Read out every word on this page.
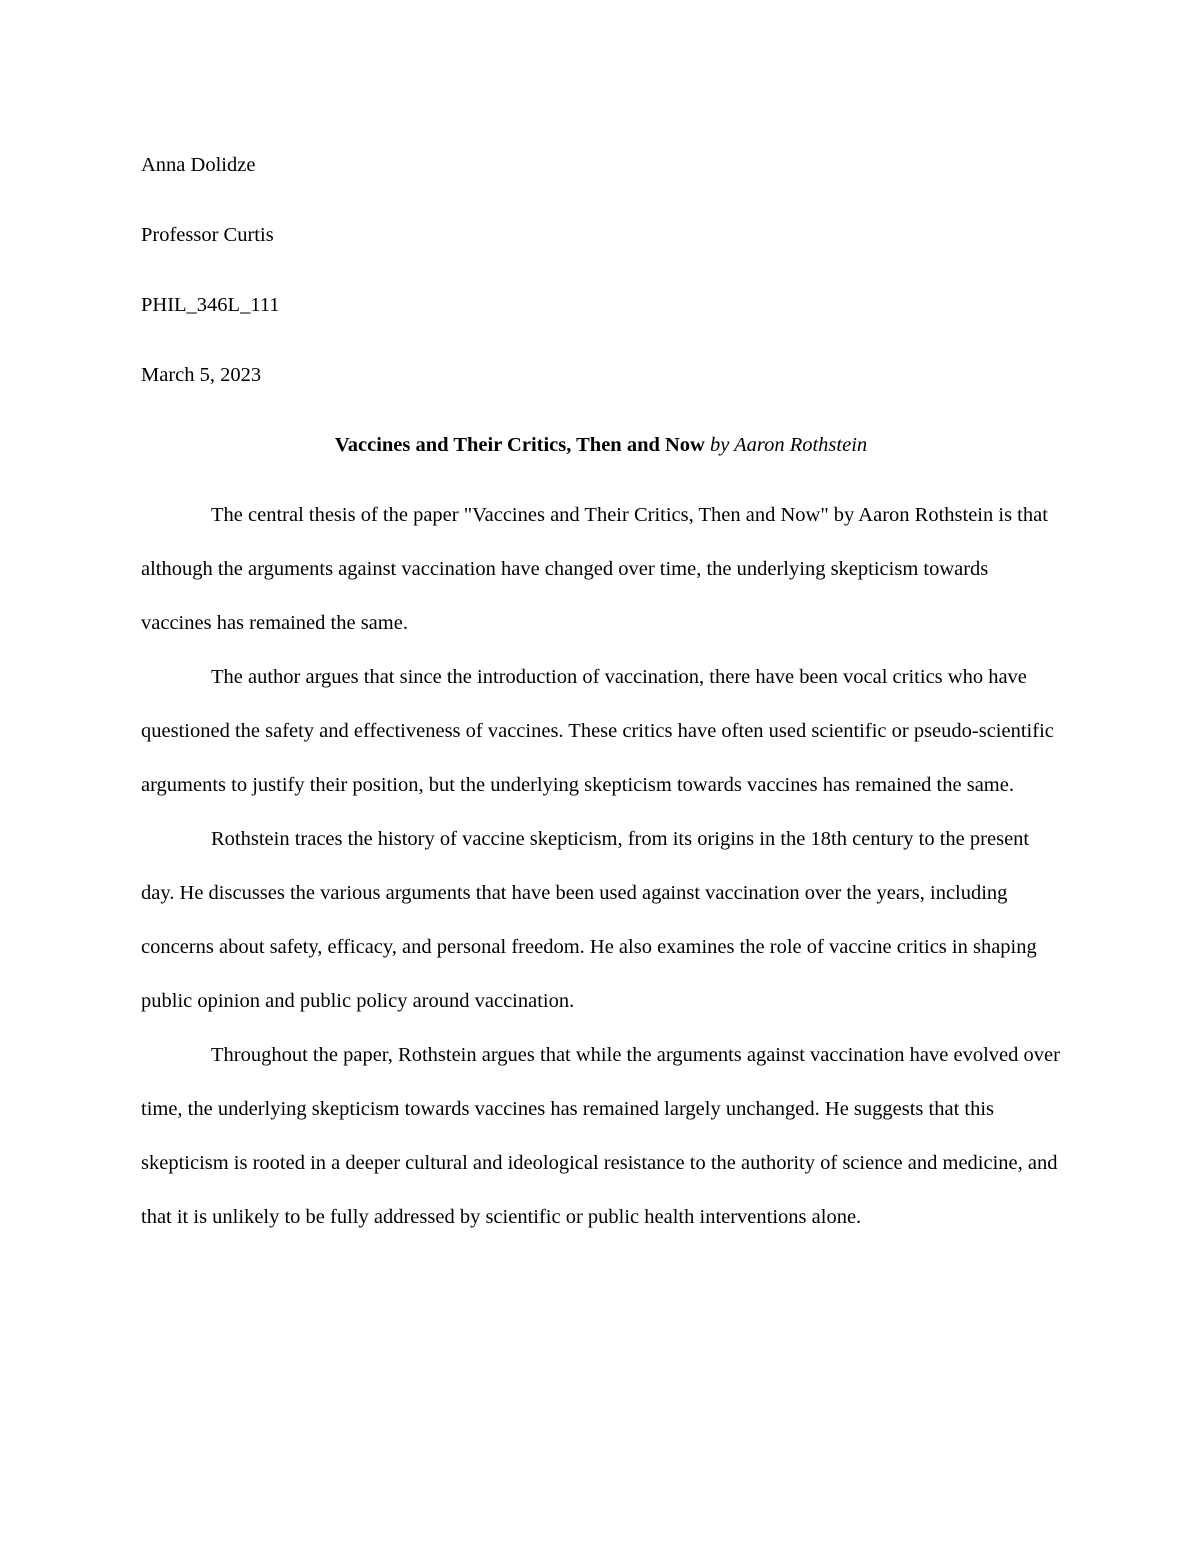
Anna Dolidze
Professor Curtis
PHIL_346L_111
March 5, 2023
Vaccines and Their Critics, Then and Now by Aaron Rothstein

The central thesis of the paper "Vaccines and Their Critics, Then and Now" by Aaron Rothstein is that although the arguments against vaccination have changed over time, the underlying skepticism towards vaccines has remained the same.

The author argues that since the introduction of vaccination, there have been vocal critics who have questioned the safety and effectiveness of vaccines. These critics have often used scientific or pseudo-scientific arguments to justify their position, but the underlying skepticism towards vaccines has remained the same.

Rothstein traces the history of vaccine skepticism, from its origins in the 18th century to the present day. He discusses the various arguments that have been used against vaccination over the years, including concerns about safety, efficacy, and personal freedom. He also examines the role of vaccine critics in shaping public opinion and public policy around vaccination.

Throughout the paper, Rothstein argues that while the arguments against vaccination have evolved over time, the underlying skepticism towards vaccines has remained largely unchanged. He suggests that this skepticism is rooted in a deeper cultural and ideological resistance to the authority of science and medicine, and that it is unlikely to be fully addressed by scientific or public health interventions alone.
